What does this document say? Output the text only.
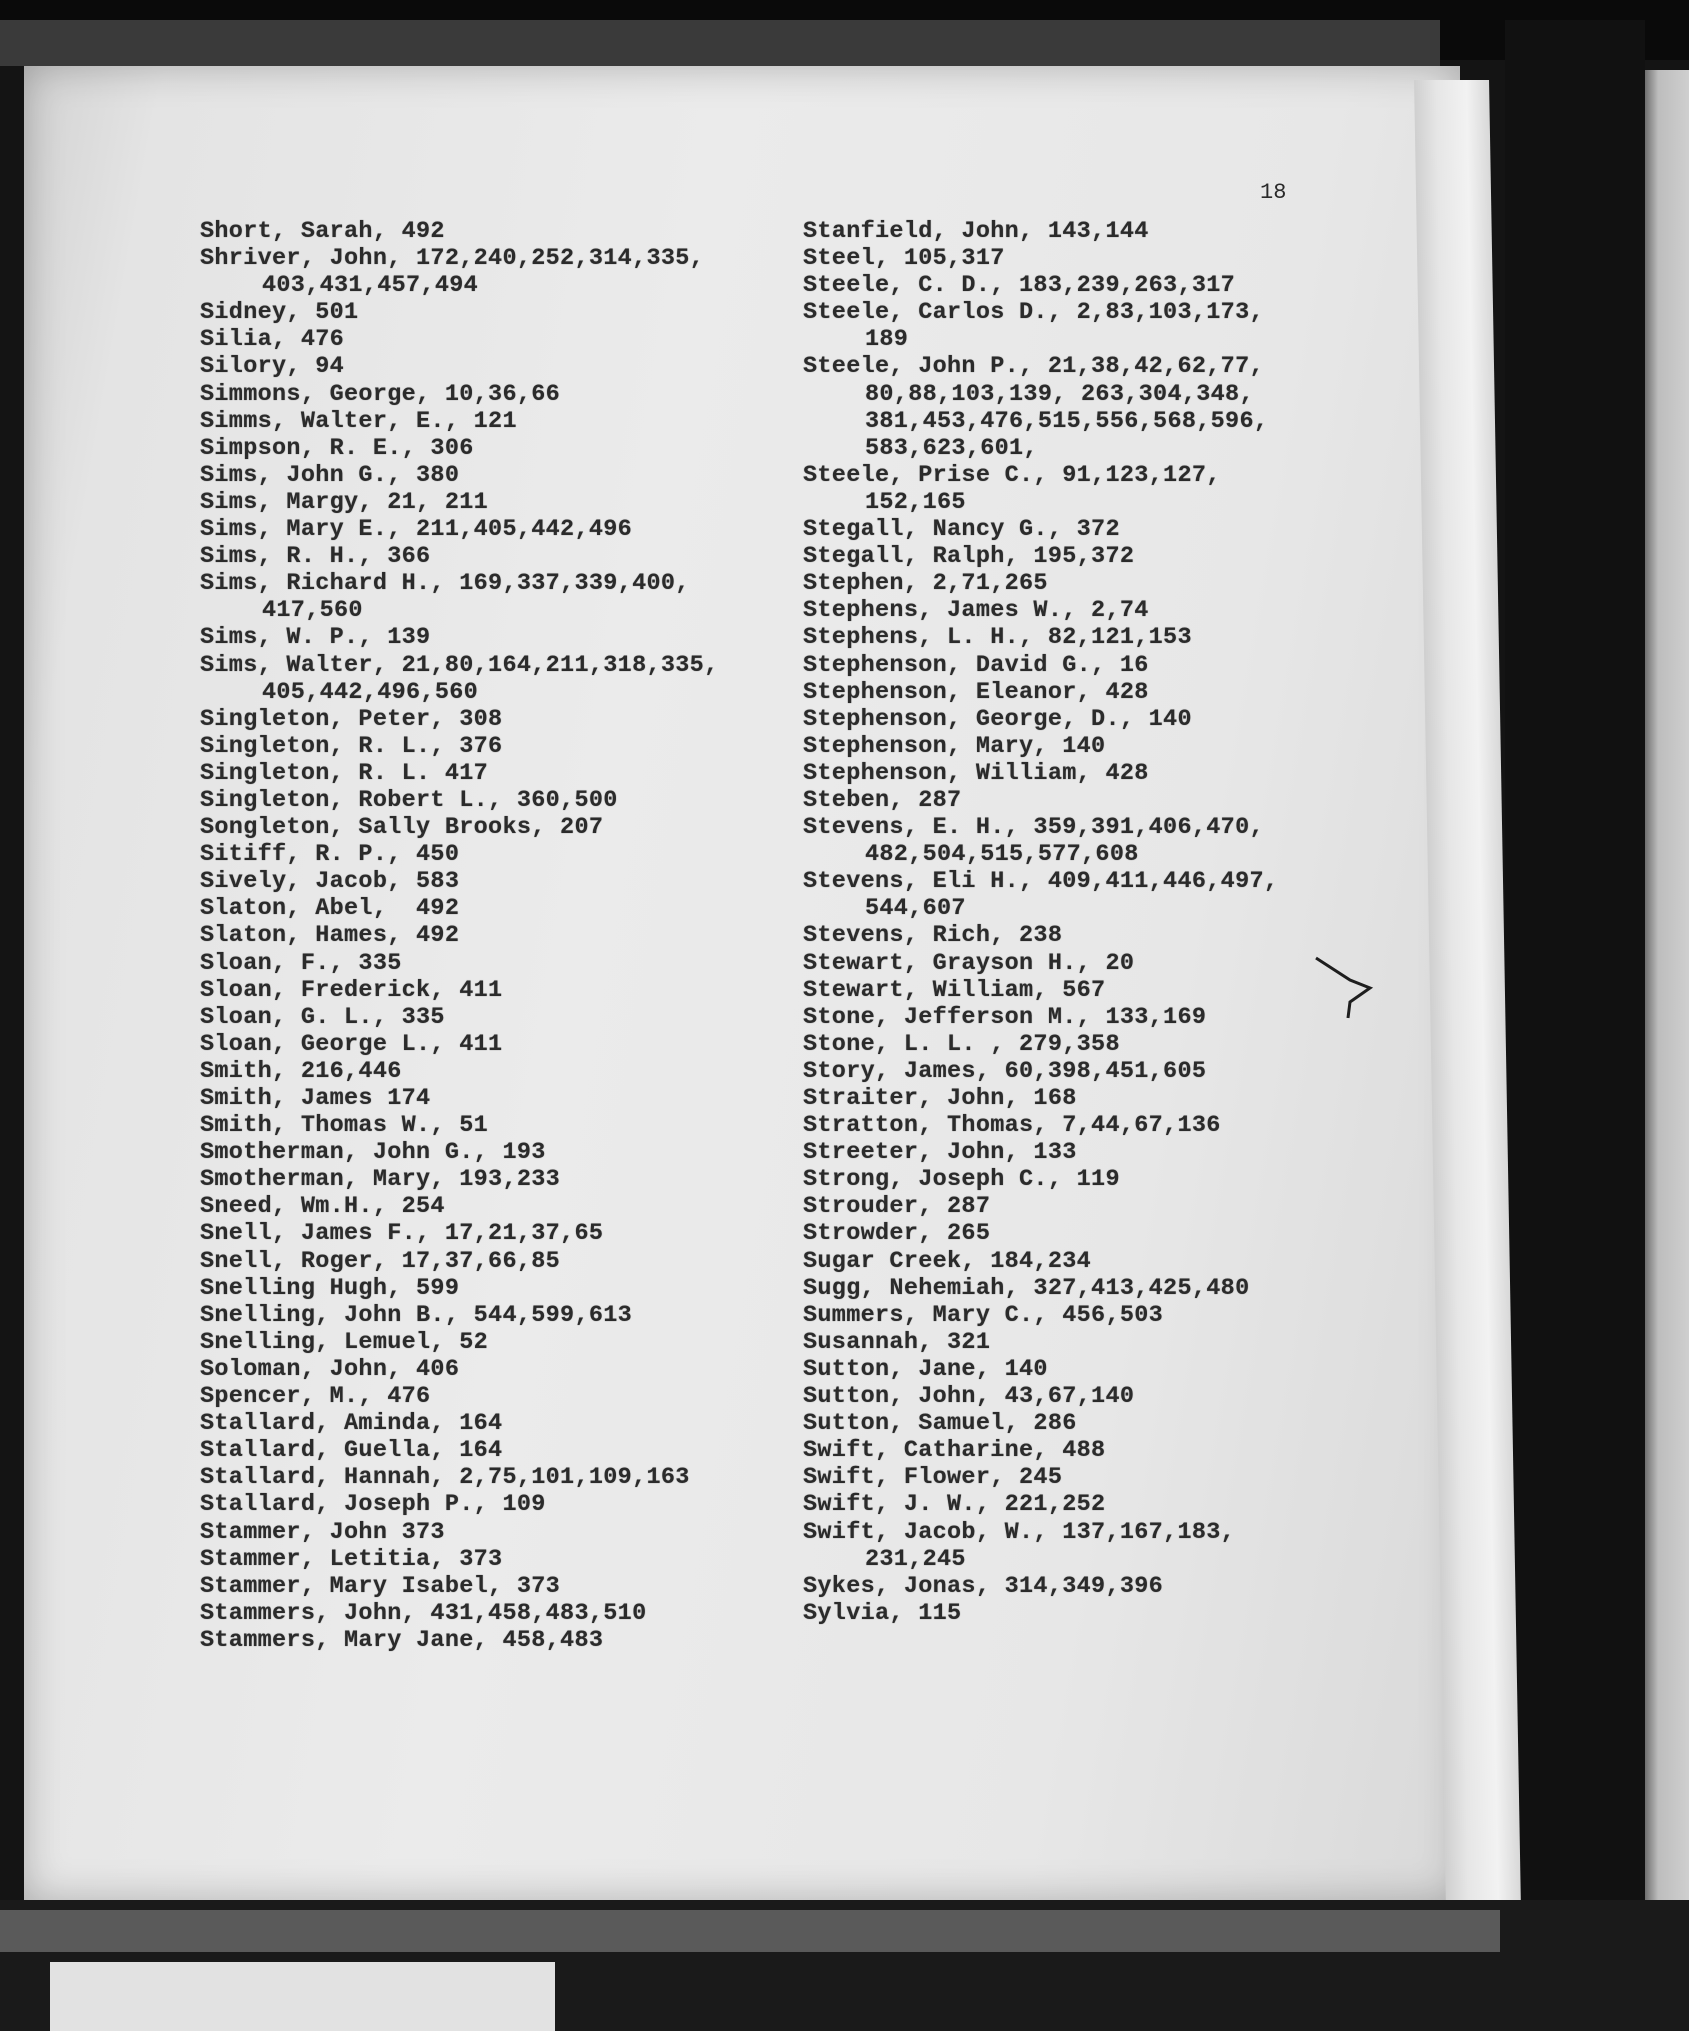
18
Short, Sarah, 492
Shriver, John, 172,240,252,314,335,
403,431,457,494
Sidney, 501
Silia, 476
Silory, 94
Simmons, George, 10,36,66
Simms, Walter, E., 121
Simpson, R. E., 306
Sims, John G., 380
Sims, Margy, 21, 211
Sims, Mary E., 211,405,442,496
Sims, R. H., 366
Sims, Richard H., 169,337,339,400,
417,560
Sims, W. P., 139
Sims, Walter, 21,80,164,211,318,335,
405,442,496,560
Singleton, Peter, 308
Singleton, R. L., 376
Singleton, R. L. 417
Singleton, Robert L., 360,500
Songleton, Sally Brooks, 207
Sitiff, R. P., 450
Sively, Jacob, 583
Slaton, Abel,  492
Slaton, Hames, 492
Sloan, F., 335
Sloan, Frederick, 411
Sloan, G. L., 335
Sloan, George L., 411
Smith, 216,446
Smith, James 174
Smith, Thomas W., 51
Smotherman, John G., 193
Smotherman, Mary, 193,233
Sneed, Wm.H., 254
Snell, James F., 17,21,37,65
Snell, Roger, 17,37,66,85
Snelling Hugh, 599
Snelling, John B., 544,599,613
Snelling, Lemuel, 52
Soloman, John, 406
Spencer, M., 476
Stallard, Aminda, 164
Stallard, Guella, 164
Stallard, Hannah, 2,75,101,109,163
Stallard, Joseph P., 109
Stammer, John 373
Stammer, Letitia, 373
Stammer, Mary Isabel, 373
Stammers, John, 431,458,483,510
Stammers, Mary Jane, 458,483
Stanfield, John, 143,144
Steel, 105,317
Steele, C. D., 183,239,263,317
Steele, Carlos D., 2,83,103,173,
189
Steele, John P., 21,38,42,62,77,
80,88,103,139, 263,304,348,
381,453,476,515,556,568,596,
583,623,601,
Steele, Prise C., 91,123,127,
152,165
Stegall, Nancy G., 372
Stegall, Ralph, 195,372
Stephen, 2,71,265
Stephens, James W., 2,74
Stephens, L. H., 82,121,153
Stephenson, David G., 16
Stephenson, Eleanor, 428
Stephenson, George, D., 140
Stephenson, Mary, 140
Stephenson, William, 428
Steben, 287
Stevens, E. H., 359,391,406,470,
482,504,515,577,608
Stevens, Eli H., 409,411,446,497,
544,607
Stevens, Rich, 238
Stewart, Grayson H., 20
Stewart, William, 567
Stone, Jefferson M., 133,169
Stone, L. L. , 279,358
Story, James, 60,398,451,605
Straiter, John, 168
Stratton, Thomas, 7,44,67,136
Streeter, John, 133
Strong, Joseph C., 119
Strouder, 287
Strowder, 265
Sugar Creek, 184,234
Sugg, Nehemiah, 327,413,425,480
Summers, Mary C., 456,503
Susannah, 321
Sutton, Jane, 140
Sutton, John, 43,67,140
Sutton, Samuel, 286
Swift, Catharine, 488
Swift, Flower, 245
Swift, J. W., 221,252
Swift, Jacob, W., 137,167,183,
231,245
Sykes, Jonas, 314,349,396
Sylvia, 115
